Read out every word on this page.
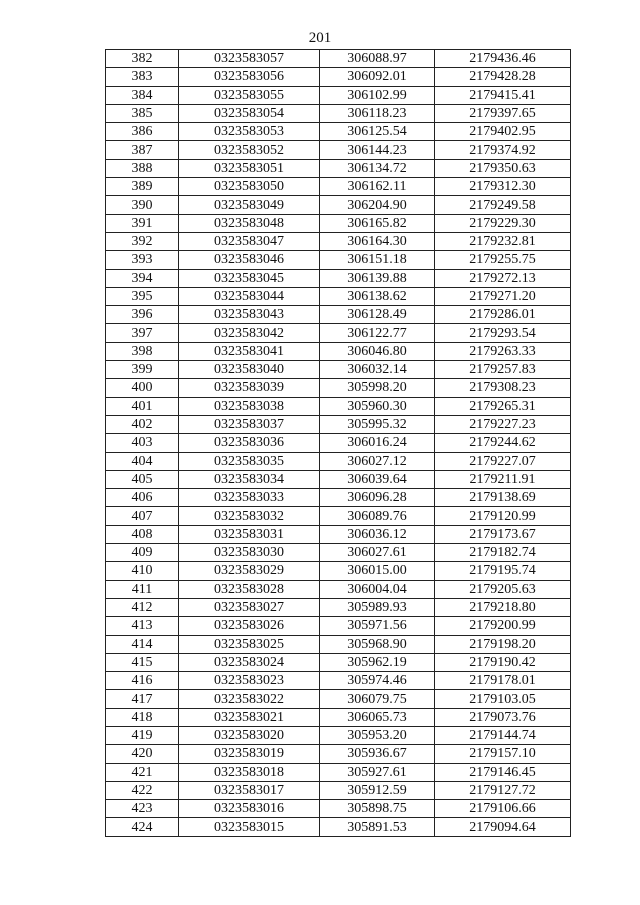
201
382	0323583057	306088.97	2179436.46
383	0323583056	306092.01	2179428.28
384	0323583055	306102.99	2179415.41
385	0323583054	306118.23	2179397.65
386	0323583053	306125.54	2179402.95
387	0323583052	306144.23	2179374.92
388	0323583051	306134.72	2179350.63
389	0323583050	306162.11	2179312.30
390	0323583049	306204.90	2179249.58
391	0323583048	306165.82	2179229.30
392	0323583047	306164.30	2179232.81
393	0323583046	306151.18	2179255.75
394	0323583045	306139.88	2179272.13
395	0323583044	306138.62	2179271.20
396	0323583043	306128.49	2179286.01
397	0323583042	306122.77	2179293.54
398	0323583041	306046.80	2179263.33
399	0323583040	306032.14	2179257.83
400	0323583039	305998.20	2179308.23
401	0323583038	305960.30	2179265.31
402	0323583037	305995.32	2179227.23
403	0323583036	306016.24	2179244.62
404	0323583035	306027.12	2179227.07
405	0323583034	306039.64	2179211.91
406	0323583033	306096.28	2179138.69
407	0323583032	306089.76	2179120.99
408	0323583031	306036.12	2179173.67
409	0323583030	306027.61	2179182.74
410	0323583029	306015.00	2179195.74
411	0323583028	306004.04	2179205.63
412	0323583027	305989.93	2179218.80
413	0323583026	305971.56	2179200.99
414	0323583025	305968.90	2179198.20
415	0323583024	305962.19	2179190.42
416	0323583023	305974.46	2179178.01
417	0323583022	306079.75	2179103.05
418	0323583021	306065.73	2179073.76
419	0323583020	305953.20	2179144.74
420	0323583019	305936.67	2179157.10
421	0323583018	305927.61	2179146.45
422	0323583017	305912.59	2179127.72
423	0323583016	305898.75	2179106.66
424	0323583015	305891.53	2179094.64
